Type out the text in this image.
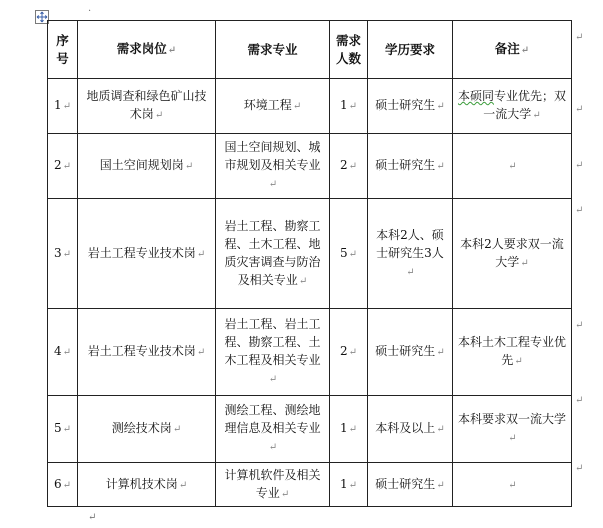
·
序号	需求岗位↵	需求专业	需求人数	学历要求	备注↵
1↵	地质调查和绿色矿山技术岗↵	环境工程↵	1↵	硕士研究生↵	本硕同专业优先；双一流大学↵
2↵	国土空间规划岗↵	国土空间规划、城市规划及相关专业↵	2↵	硕士研究生↵	↵
3↵	岩土工程专业技术岗↵	岩土工程、勘察工程、土木工程、地质灾害调查与防治及相关专业↵	5↵	本科2人、硕士研究生3人↵	本科2人要求双一流大学↵
4↵	岩土工程专业技术岗↵	岩土工程、岩土工程、勘察工程、土木工程及相关专业↵	2↵	硕士研究生↵	本科土木工程专业优先↵
5↵	测绘技术岗↵	测绘工程、测绘地理信息及相关专业↵	1↵	本科及以上↵	本科要求双一流大学↵
6↵	计算机技术岗↵	计算机软件及相关专业↵	1↵	硕士研究生↵	↵
↵
↵
↵
↵
↵
↵
↵
↵
